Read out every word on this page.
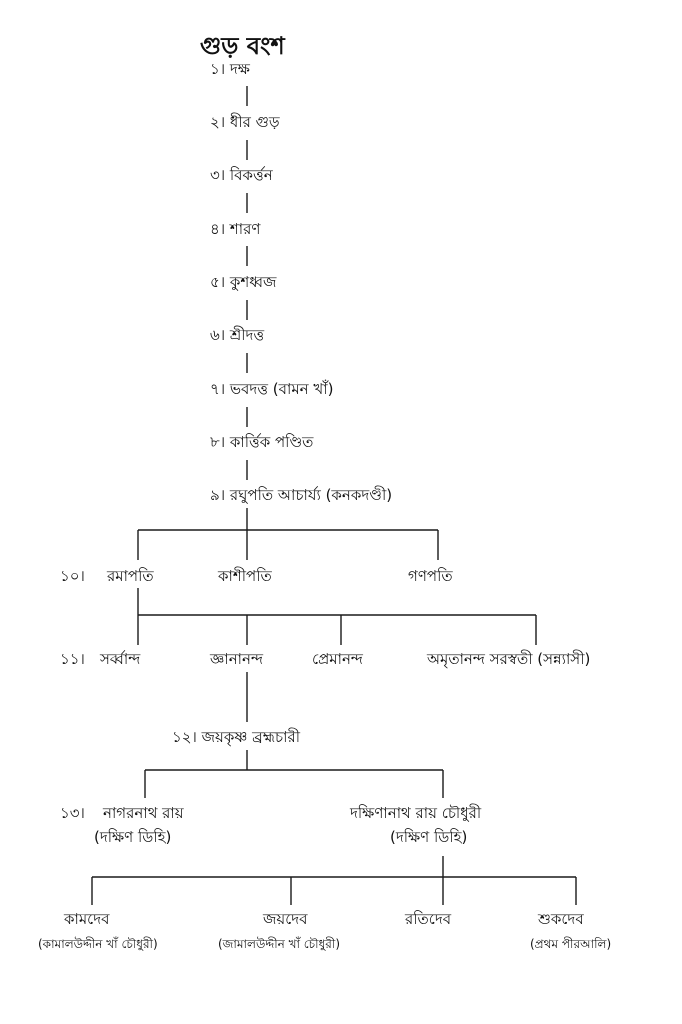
গুড় বংশ
১। দক্ষ
২। ধীর গুড়
৩। বিকর্ত্তন
৪। শারণ
৫। কুশধ্বজ
৬। শ্রীদত্ত
৭। ভবদত্ত (বামন খাঁ)
৮। কার্ত্তিক পণ্ডিত
৯। রঘুপতি আচার্য্য (কনকদণ্ডী)
১০। রমাপতি	কাশীপতি	গণপতি
১১। সর্ব্বান্দ	জ্ঞানানন্দ	প্রেমানন্দ	অমৃতানন্দ সরস্বতী (সন্ন্যাসী)
১২। জয়কৃষ্ণ ব্রহ্মচারী
১৩। নাগরনাথ রায়
(দক্ষিণ ডিহি)
দক্ষিণানাথ রায় চৌধুরী
(দক্ষিণ ডিহি)
কামদেব
(কামালউদ্দীন খাঁ চৌধুরী)
জয়দেব
(জামালউদ্দীন খাঁ চৌধুরী)
রতিদেব	শুকদেব
(প্রথম পীরআলি)
